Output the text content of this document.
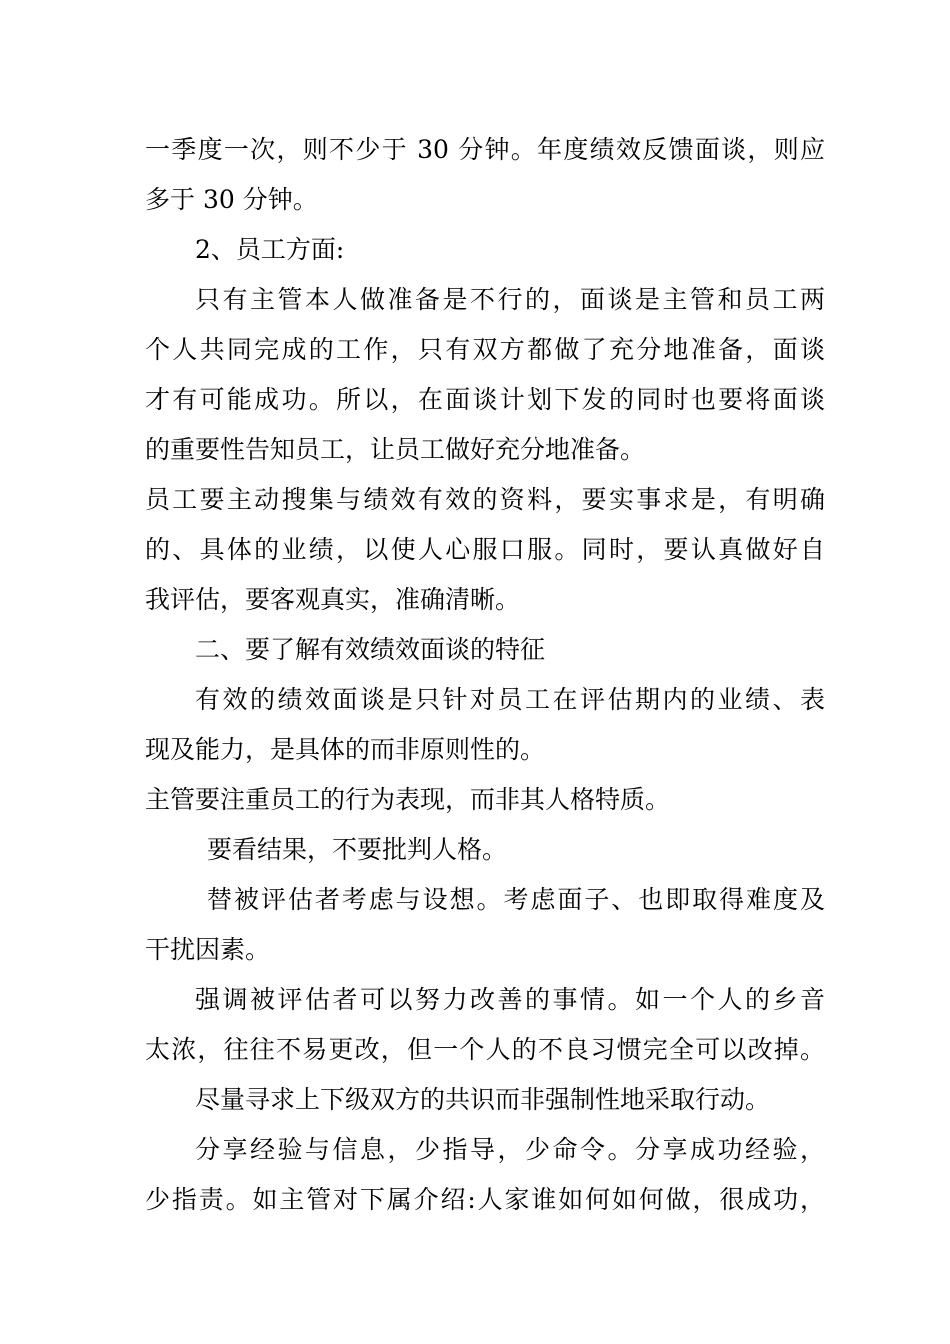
一季度一次，则不少于 30 分钟。年度绩效反馈面谈，则应
多于 30 分钟。
2、员工方面:
只有主管本人做准备是不行的，面谈是主管和员工两
个人共同完成的工作，只有双方都做了充分地准备，面谈
才有可能成功。所以，在面谈计划下发的同时也要将面谈
的重要性告知员工，让员工做好充分地准备。
员工要主动搜集与绩效有效的资料，要实事求是，有明确
的、具体的业绩，以使人心服口服。同时，要认真做好自
我评估，要客观真实，准确清晰。
二、要了解有效绩效面谈的特征
有效的绩效面谈是只针对员工在评估期内的业绩、表
现及能力，是具体的而非原则性的。
主管要注重员工的行为表现，而非其人格特质。
要看结果，不要批判人格。
替被评估者考虑与设想。考虑面子、也即取得难度及
干扰因素。
强调被评估者可以努力改善的事情。如一个人的乡音
太浓，往往不易更改，但一个人的不良习惯完全可以改掉。
尽量寻求上下级双方的共识而非强制性地采取行动。
分享经验与信息，少指导，少命令。分享成功经验，
少指责。如主管对下属介绍:人家谁如何如何做，很成功，
